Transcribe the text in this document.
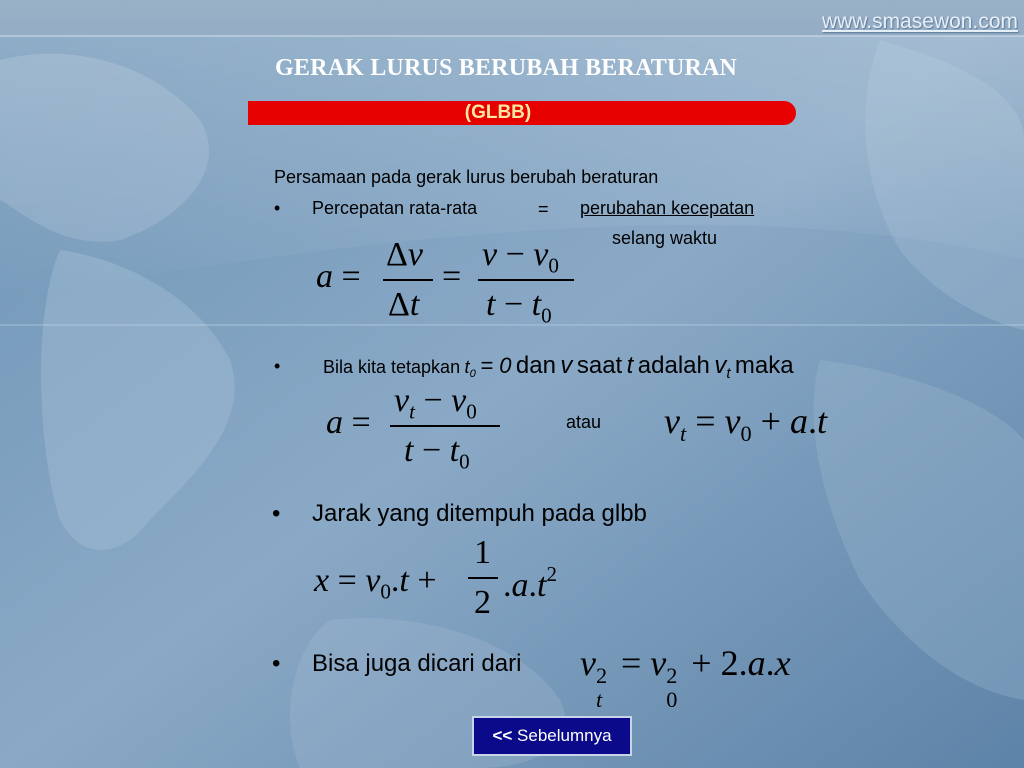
www.smasewon.com
GERAK LURUS BERUBAH BERATURAN
(GLBB)
Persamaan pada gerak lurus berubah beraturan
• Percepatan rata-rata	= perubahan kecepatan
selang waktu
a =
Δv
Δt
=
$v - v_0$
$t - t_0$
• Bila kita tetapkan $t_0 = 0$ dan v saat t adalah $v_t$ maka
a =
$v_t - v_0$
$t - t_0$
atau $v_t = v_0 + a.t$
• Jarak yang ditempuh pada glbb
$x = v_0.t$ +
1
2 $.a.t^2$
• Bisa juga dicari dari v 2
t
= v 2
0
+ 2.a.x
<< Sebelumnya
